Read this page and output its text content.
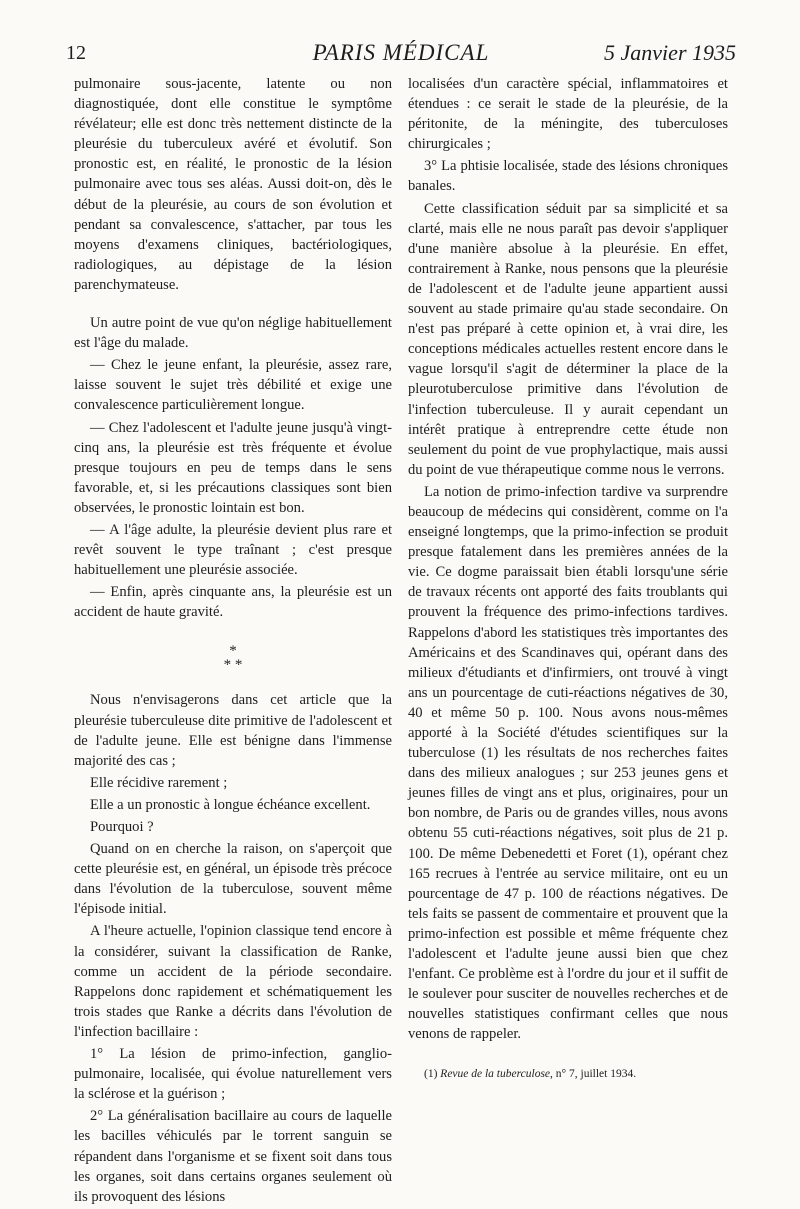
12	PARIS MÉDICAL	5 Janvier 1935

pulmonaire sous-jacente, latente ou non diagnostiquée, dont elle constitue le symptôme révélateur; elle est donc très nettement distincte de la pleurésie du tuberculeux avéré et évolutif. Son pronostic est, en réalité, le pronostic de la lésion pulmonaire avec tous ses aléas. Aussi doit-on, dès le début de la pleurésie, au cours de son évolution et pendant sa convalescence, s'attacher, par tous les moyens d'examens cliniques, bactériologiques, radiologiques, au dépistage de la lésion parenchymateuse.

Un autre point de vue qu'on néglige habituellement est l'âge du malade.

— Chez le jeune enfant, la pleurésie, assez rare, laisse souvent le sujet très débilité et exige une convalescence particulièrement longue.

— Chez l'adolescent et l'adulte jeune jusqu'à vingt-cinq ans, la pleurésie est très fréquente et évolue presque toujours en peu de temps dans le sens favorable, et, si les précautions classiques sont bien observées, le pronostic lointain est bon.

— A l'âge adulte, la pleurésie devient plus rare et revêt souvent le type traînant ; c'est presque habituellement une pleurésie associée.

— Enfin, après cinquante ans, la pleurésie est un accident de haute gravité.

*
* *

Nous n'envisagerons dans cet article que la pleurésie tuberculeuse dite primitive de l'adolescent et de l'adulte jeune. Elle est bénigne dans l'immense majorité des cas ;

Elle récidive rarement ;

Elle a un pronostic à longue échéance excellent.

Pourquoi ?

Quand on en cherche la raison, on s'aperçoit que cette pleurésie est, en général, un épisode très précoce dans l'évolution de la tuberculose, souvent même l'épisode initial.

A l'heure actuelle, l'opinion classique tend encore à la considérer, suivant la classification de Ranke, comme un accident de la période secondaire. Rappelons donc rapidement et schématiquement les trois stades que Ranke a décrits dans l'évolution de l'infection bacillaire :

1° La lésion de primo-infection, ganglio-pulmonaire, localisée, qui évolue naturellement vers la sclérose et la guérison ;

2° La généralisation bacillaire au cours de laquelle les bacilles véhiculés par le torrent sanguin se répandent dans l'organisme et se fixent soit dans tous les organes, soit dans certains organes seulement où ils provoquent des lésions

localisées d'un caractère spécial, inflammatoires et étendues : ce serait le stade de la pleurésie, de la péritonite, de la méningite, des tuberculoses chirurgicales ;

3° La phtisie localisée, stade des lésions chroniques banales.

Cette classification séduit par sa simplicité et sa clarté, mais elle ne nous paraît pas devoir s'appliquer d'une manière absolue à la pleurésie. En effet, contrairement à Ranke, nous pensons que la pleurésie de l'adolescent et de l'adulte jeune appartient aussi souvent au stade primaire qu'au stade secondaire. On n'est pas préparé à cette opinion et, à vrai dire, les conceptions médicales actuelles restent encore dans le vague lorsqu'il s'agit de déterminer la place de la pleurotuberculose primitive dans l'évolution de l'infection tuberculeuse. Il y aurait cependant un intérêt pratique à entreprendre cette étude non seulement du point de vue prophylactique, mais aussi du point de vue thérapeutique comme nous le verrons.

La notion de primo-infection tardive va surprendre beaucoup de médecins qui considèrent, comme on l'a enseigné longtemps, que la primo-infection se produit presque fatalement dans les premières années de la vie. Ce dogme paraissait bien établi lorsqu'une série de travaux récents ont apporté des faits troublants qui prouvent la fréquence des primo-infections tardives. Rappelons d'abord les statistiques très importantes des Américains et des Scandinaves qui, opérant dans des milieux d'étudiants et d'infirmiers, ont trouvé à vingt ans un pourcentage de cuti-réactions négatives de 30, 40 et même 50 p. 100. Nous avons nous-mêmes apporté à la Société d'études scientifiques sur la tuberculose (1) les résultats de nos recherches faites dans des milieux analogues ; sur 253 jeunes gens et jeunes filles de vingt ans et plus, originaires, pour un bon nombre, de Paris ou de grandes villes, nous avons obtenu 55 cuti-réactions négatives, soit plus de 21 p. 100. De même Debenedetti et Foret (1), opérant chez 165 recrues à l'entrée au service militaire, ont eu un pourcentage de 47 p. 100 de réactions négatives. De tels faits se passent de commentaire et prouvent que la primo-infection est possible et même fréquente chez l'adolescent et l'adulte jeune aussi bien que chez l'enfant. Ce problème est à l'ordre du jour et il suffit de le soulever pour susciter de nouvelles recherches et de nouvelles statistiques confirmant celles que nous venons de rappeler.

(1) Revue de la tuberculose, n° 7, juillet 1934.
